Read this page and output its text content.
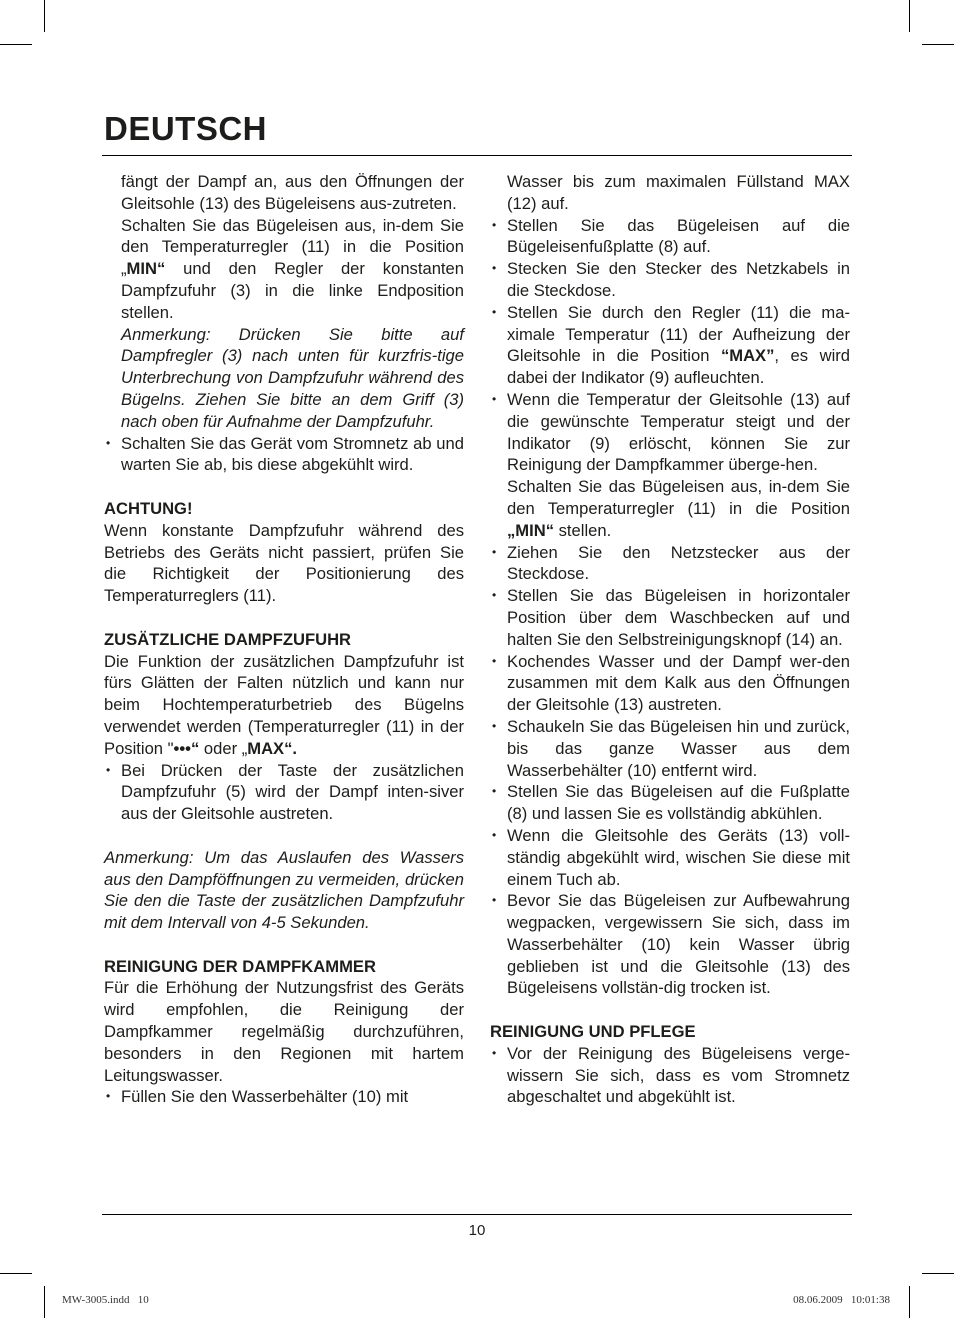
DEUTSCH

fängt der Dampf an, aus den Öffnungen der Gleitsohle (13) des Bügeleisens aus-zutreten.

Schalten Sie das Bügeleisen aus, in-dem Sie den Temperaturregler (11) in die Position „MIN“ und den Regler der konstanten Dampfzufuhr (3) in die linke Endposition stellen.

Anmerkung: Drücken Sie bitte auf Dampfregler (3) nach unten für kurzfris-tige Unterbrechung von Dampfzufuhr während des Bügelns. Ziehen Sie bitte an dem Griff (3) nach oben für Aufnahme der Dampfzufuhr.

• Schalten Sie das Gerät vom Stromnetz ab und warten Sie ab, bis diese abgekühlt wird.

ACHTUNG!

Wenn konstante Dampfzufuhr während des Betriebs des Geräts nicht passiert, prüfen Sie die Richtigkeit der Positionierung des Temperaturreglers (11).

ZUSÄTZLICHE DAMPFZUFUHR

Die Funktion der zusätzlichen Dampfzufuhr ist fürs Glätten der Falten nützlich und kann nur beim Hochtemperaturbetrieb des Bügelns verwendet werden (Temperaturregler (11) in der Position "•••“ oder „MAX“.

• Bei Drücken der Taste der zusätzlichen Dampfzufuhr (5) wird der Dampf inten-siver aus der Gleitsohle austreten.

Anmerkung: Um das Auslaufen des Wassers aus den Dampföffnungen zu vermeiden, drücken Sie den die Taste der zusätzlichen Dampfzufuhr mit dem Intervall von 4-5 Sekunden.

REINIGUNG DER DAMPFKAMMER

Für die Erhöhung der Nutzungsfrist des Geräts wird empfohlen, die Reinigung der Dampfkammer regelmäßig durchzuführen, besonders in den Regionen mit hartem Leitungswasser.

• Füllen Sie den Wasserbehälter (10) mit

Wasser bis zum maximalen Füllstand MAX (12) auf.

• Stellen Sie das Bügeleisen auf die Bügeleisenfußplatte (8) auf.
• Stecken Sie den Stecker des Netzkabels in die Steckdose.
• Stellen Sie durch den Regler (11) die ma-ximale Temperatur (11) der Aufheizung der Gleitsohle in die Position “MAX”, es wird dabei der Indikator (9) aufleuchten.
• Wenn die Temperatur der Gleitsohle (13) auf die gewünschte Temperatur steigt und der Indikator (9) erlöscht, können Sie zur Reinigung der Dampfkammer überge-hen.
Schalten Sie das Bügeleisen aus, in-dem Sie den Temperaturregler (11) in die Position „MIN“ stellen.
• Ziehen Sie den Netzstecker aus der Steckdose.
• Stellen Sie das Bügeleisen in horizontaler Position über dem Waschbecken auf und halten Sie den Selbstreinigungsknopf (14) an.
• Kochendes Wasser und der Dampf wer-den zusammen mit dem Kalk aus den Öffnungen der Gleitsohle (13) austreten.
• Schaukeln Sie das Bügeleisen hin und zurück, bis das ganze Wasser aus dem Wasserbehälter (10) entfernt wird.
• Stellen Sie das Bügeleisen auf die Fußplatte (8) und lassen Sie es vollständig abkühlen.
• Wenn die Gleitsohle des Geräts (13) voll-ständig abgekühlt wird, wischen Sie diese mit einem Tuch ab.
• Bevor Sie das Bügeleisen zur Aufbewahrung wegpacken, vergewissern Sie sich, dass im Wasserbehälter (10) kein Wasser übrig geblieben ist und die Gleitsohle (13) des Bügeleisens vollstän-dig trocken ist.

REINIGUNG UND PFLEGE

• Vor der Reinigung des Bügeleisens verge-wissern Sie sich, dass es vom Stromnetz abgeschaltet und abgekühlt ist.
10
MW-3005.indd   10	08.06.2009   10:01:38
